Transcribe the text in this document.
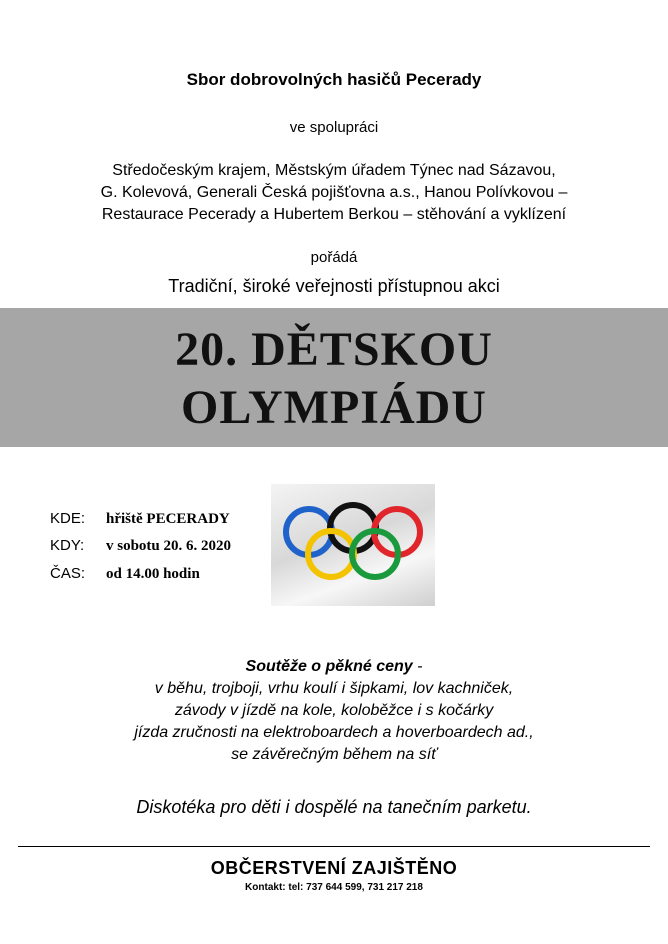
Sbor dobrovolných hasičů Pecerady
ve spolupráci
Středočeským krajem, Městským úřadem Týnec nad Sázavou,
G. Kolevová, Generali Česká pojišťovna a.s., Hanou Polívkovou –
Restaurace Pecerady a Hubertem Berkou – stěhování a vyklízení
pořádá
Tradiční, široké veřejnosti přístupnou akci
20. DĚTSKOU
OLYMPIÁDU
KDE: hřiště PECERADY
KDY: v sobotu 20. 6. 2020
ČAS: od 14.00 hodin
Soutěže o pěkné ceny -
v běhu, trojboji, vrhu koulí i šipkami, lov kachniček,
závody v jízdě na kole, koloběžce i s kočárky
jízda zručnosti na elektroboardech a hoverboardech ad.,
se závěrečným během na síť
Diskotéka pro děti i dospělé na tanečním parketu.
OBČERSTVENÍ ZAJIŠTĚNO
Kontakt: tel: 737 644 599, 731 217 218
